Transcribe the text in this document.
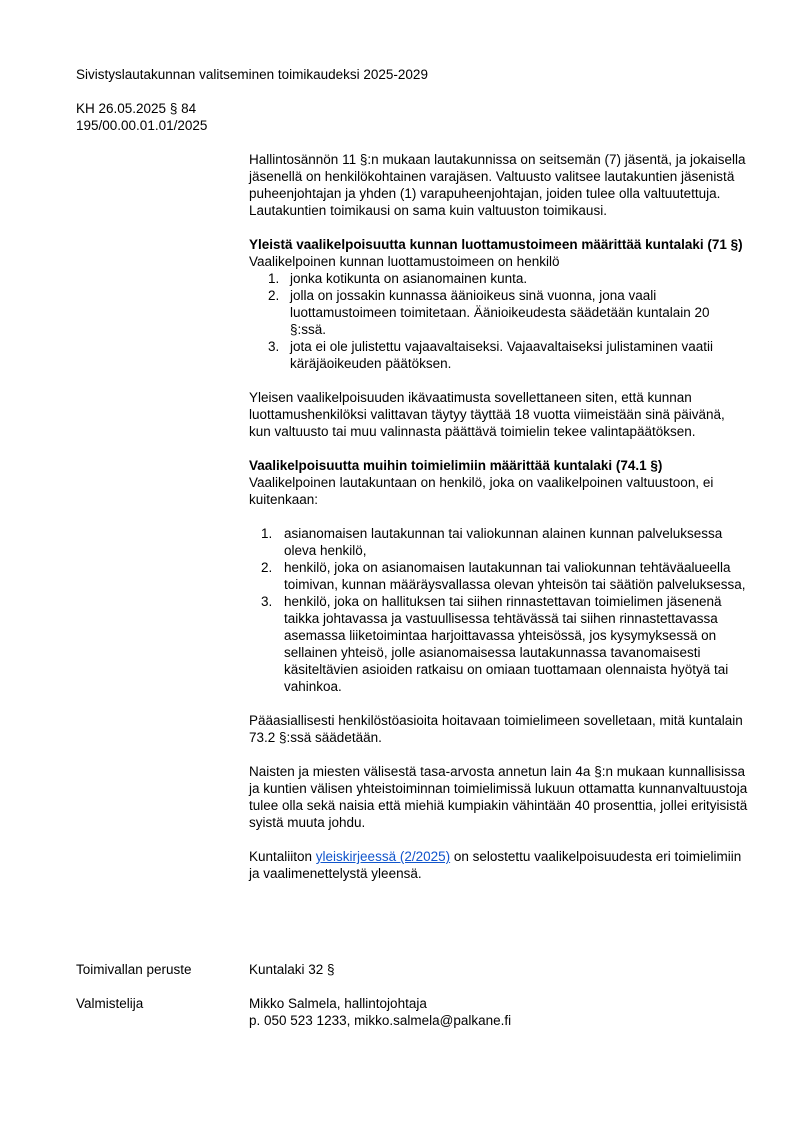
Sivistyslautakunnan valitseminen toimikaudeksi 2025-2029
KH 26.05.2025 § 84
195/00.00.01.01/2025

Hallintosännön 11 §:n mukaan lautakunnissa on seitsemän (7) jäsentä, ja jokaisella jäsenellä on henkilökohtainen varajäsen. Valtuusto valitsee lautakuntien jäsenistä puheenjohtajan ja yhden (1) varapuheenjohtajan, joiden tulee olla valtuutettuja. Lautakuntien toimikausi on sama kuin valtuuston toimikausi.

Yleistä vaalikelpoisuutta kunnan luottamustoimeen määrittää kuntalaki (71 §)

Vaalikelpoinen kunnan luottamustoimeen on henkilö

1. jonka kotikunta on asianomainen kunta.
2. jolla on jossakin kunnassa äänioikeus sinä vuonna, jona vaali luottamustoimeen toimitetaan. Äänioikeudesta säädetään kuntalain 20 §:ssä.
3. jota ei ole julistettu vajaavaltaiseksi. Vajaavaltaiseksi julistaminen vaatii käräjäoikeuden päätöksen.

Yleisen vaalikelpoisuuden ikävaatimusta sovellettaneen siten, että kunnan luottamushenkilöksi valittavan täytyy täyttää 18 vuotta viimeistään sinä päivänä, kun valtuusto tai muu valinnasta päättävä toimielin tekee valintapäätöksen.

Vaalikelpoisuutta muihin toimielimiin määrittää kuntalaki (74.1 §)

Vaalikelpoinen lautakuntaan on henkilö, joka on vaalikelpoinen valtuustoon, ei kuitenkaan:

1. asianomaisen lautakunnan tai valiokunnan alainen kunnan palveluksessa oleva henkilö,
2. henkilö, joka on asianomaisen lautakunnan tai valiokunnan tehtäväalueella toimivan, kunnan määräysvallassa olevan yhteisön tai säätiön palveluksessa,
3. henkilö, joka on hallituksen tai siihen rinnastettavan toimielimen jäsenenä taikka johtavassa ja vastuullisessa tehtävässä tai siihen rinnastettavassa asemassa liiketoimintaa harjoittavassa yhteisössä, jos kysymyksessä on sellainen yhteisö, jolle asianomaisessa lautakunnassa tavanomaisesti käsiteltävien asioiden ratkaisu on omiaan tuottamaan olennaista hyötyä tai vahinkoa.

Pääasiallisesti henkilöstöasioita hoitavaan toimielimeen sovelletaan, mitä kuntalain 73.2 §:ssä säädetään.

Naisten ja miesten välisestä tasa-arvosta annetun lain 4a §:n mukaan kunnallisissa ja kuntien välisen yhteistoiminnan toimielimissä lukuun ottamatta kunnanvaltuustoja tulee olla sekä naisia että miehiä kumpiakin vähintään 40 prosenttia, jollei erityisistä syistä muuta johdu.

Kuntaliiton yleiskirjeessä (2/2025) on selostettu vaalikelpoisuudesta eri toimielimiin ja vaalimenettelystä yleensä.

Toimivallan peruste	Kuntalaki 32 §
Valmistelija	Mikko Salmela, hallintojohtaja
p. 050 523 1233, mikko.salmela@palkane.fi
